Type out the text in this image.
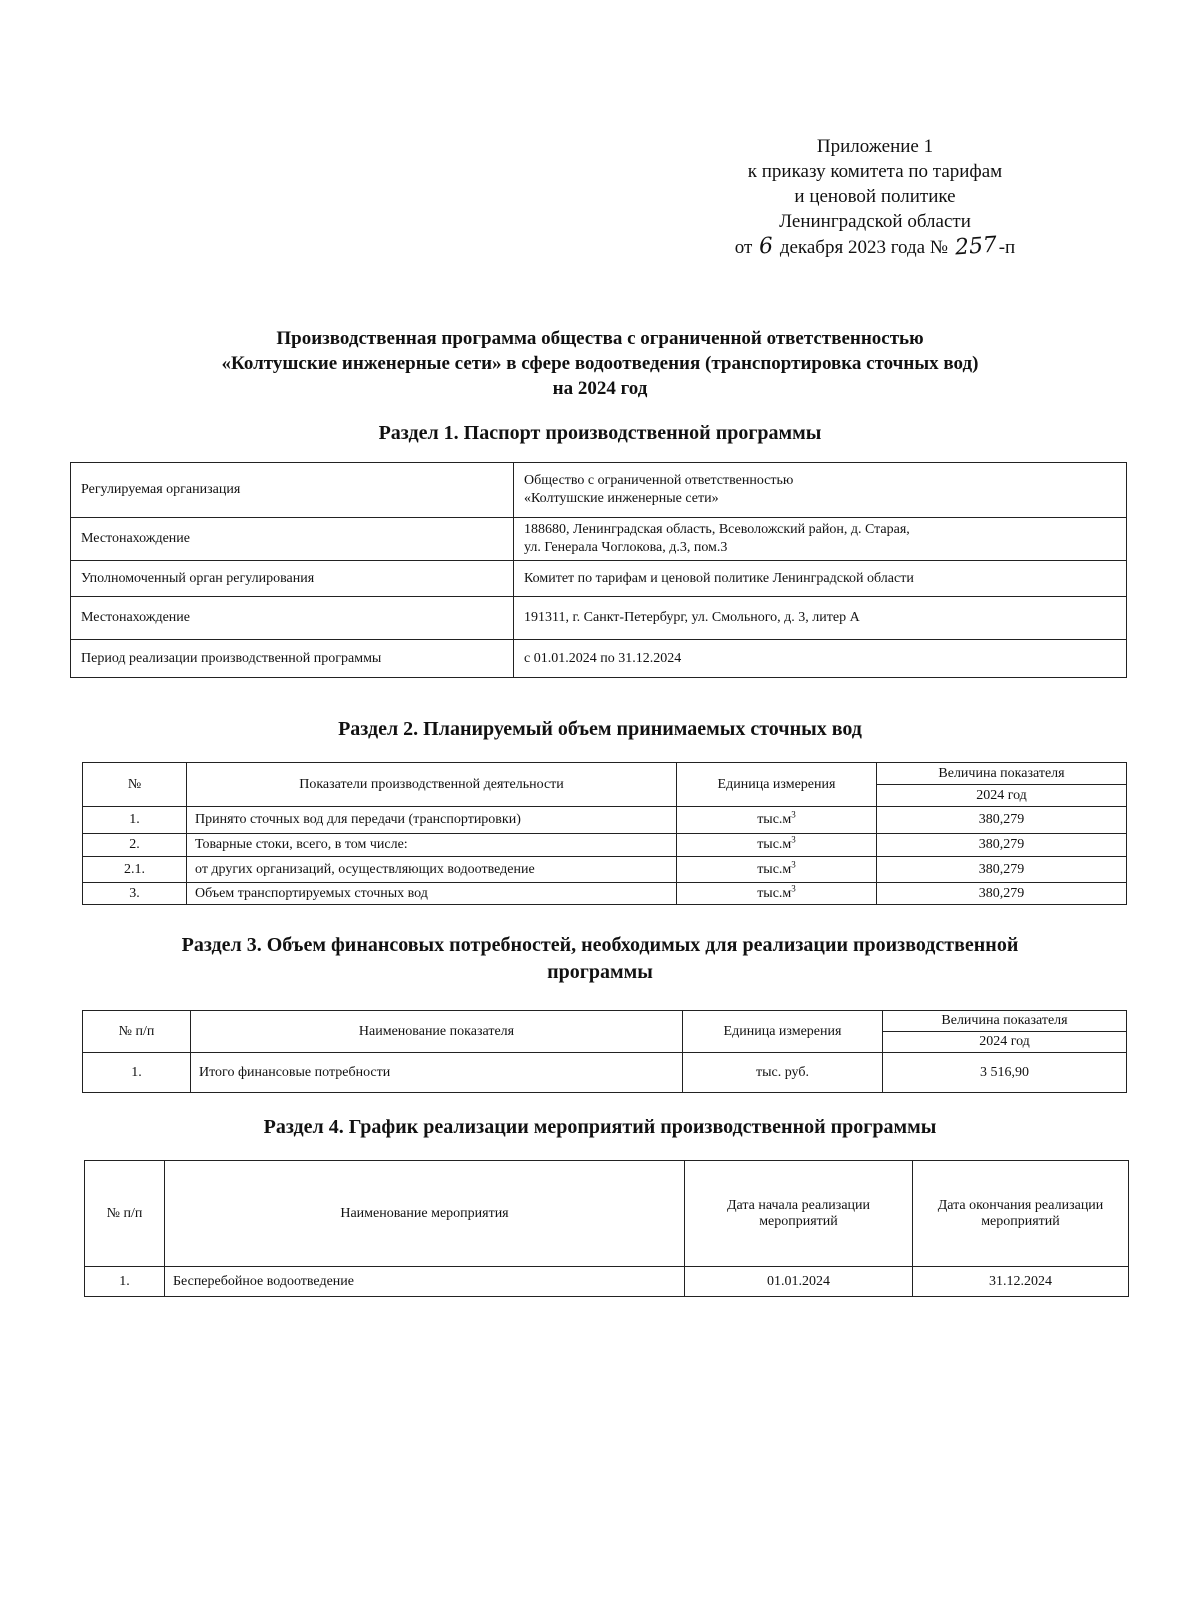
Приложение 1
к приказу комитета по тарифам
и ценовой политике
Ленинградской области
от 6 декабря 2023 года № 257-п
Производственная программа общества с ограниченной ответственностью
«Колтушские инженерные сети» в сфере водоотведения (транспортировка сточных вод)
на 2024 год
Раздел 1. Паспорт производственной программы
Регулируемая организация	Общество с ограниченной ответственностью
«Колтушские инженерные сети»

Местонахождение	188680, Ленинградская область, Всеволожский район, д. Старая,
ул. Генерала Чоглокова, д.3, пом.3

Уполномоченный орган регулирования	Комитет по тарифам и ценовой политике Ленинградской области
Местонахождение	191311, г. Санкт-Петербург, ул. Смольного, д. 3, литер А
Период реализации производственной программы	с 01.01.2024 по 31.12.2024
Раздел 2. Планируемый объем принимаемых сточных вод
№	Показатели производственной деятельности	Единица измерения	Величина показателя
			2024 год
1.	Принято сточных вод для передачи (транспортировки)	$тыс.м^3$	380,279
2.	Товарные стоки, всего, в том числе:	$тыс.м^3$	380,279
2.1.	от других организаций, осуществляющих водоотведение	$тыс.м^3$	380,279
3.	Объем транспортируемых сточных вод	$тыс.м^3$	380,279
Раздел 3. Объем финансовых потребностей, необходимых для реализации производственной
программы
№ п/п	Наименование показателя	Единица измерения	Величина показателя
			2024 год
1.	Итого финансовые потребности	тыс. руб.	3 516,90
Раздел 4. График реализации мероприятий производственной программы
№ п/п	Наименование мероприятия	Дата начала реализации мероприятий	Дата окончания реализации мероприятий
1.	Бесперебойное водоотведение	01.01.2024	31.12.2024
